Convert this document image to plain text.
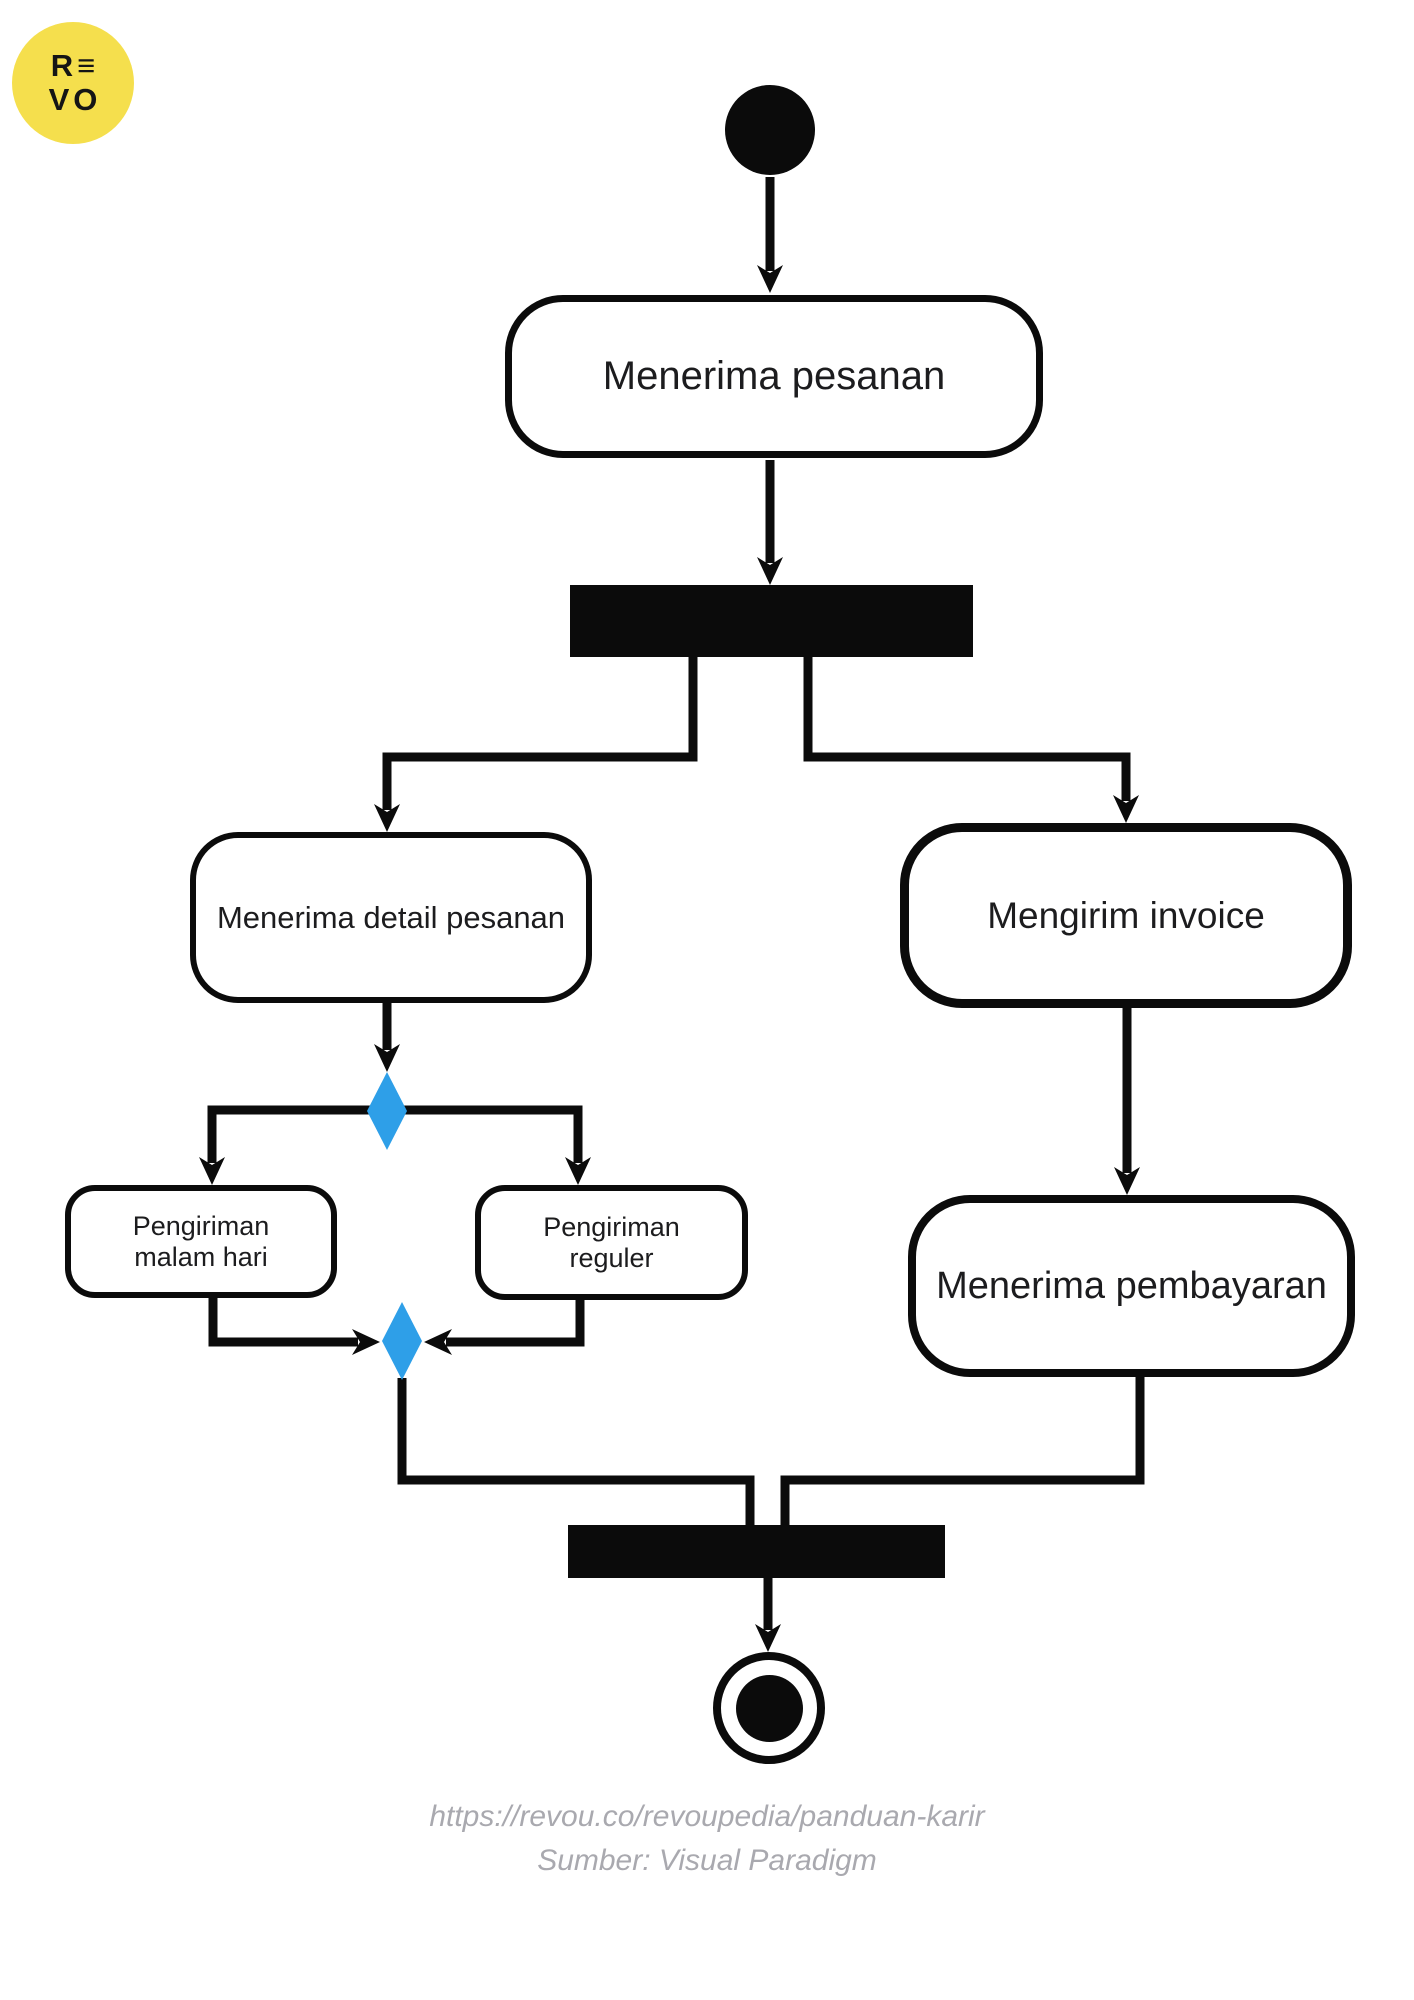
R≡
VO
Menerima pesanan
Menerima detail pesanan	Mengirim invoice
Pengiriman
malam hari
Pengiriman
reguler
Menerima pembayaran
https://revou.co/revoupedia/panduan-karir
Sumber: Visual Paradigm
